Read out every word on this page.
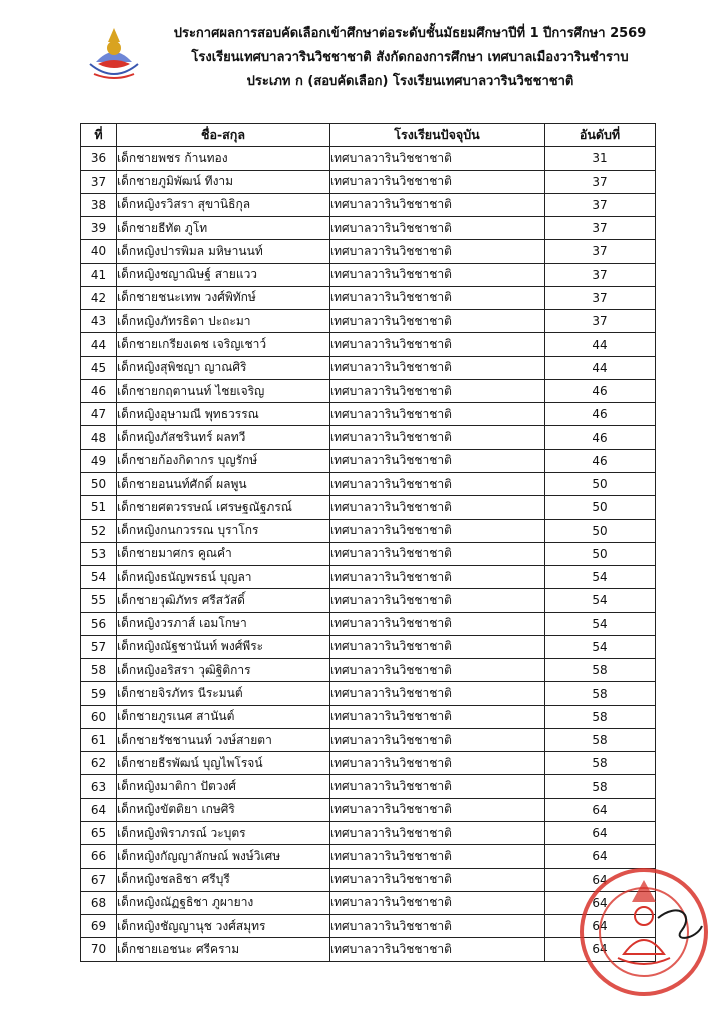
ประกาศผลการสอบคัดเลือกเข้าศึกษาต่อระดับชั้นมัธยมศึกษาปีที่ 1 ปีการศึกษา 2569
โรงเรียนเทศบาลวารินวิชชาชาติ สังกัดกองการศึกษา เทศบาลเมืองวารินชำราบ
ประเภท ก (สอบคัดเลือก) โรงเรียนเทศบาลวารินวิชชาชาติ
ที่	ชื่อ-สกุล	โรงเรียนปัจจุบัน	อันดับที่
36	เด็กชายพชร ก้านทอง	เทศบาลวารินวิชชาชาติ	31
37	เด็กชายภูมิพัฒน์ ทีงาม	เทศบาลวารินวิชชาชาติ	37
38	เด็กหญิงรวิสรา สุขานิธิกุล	เทศบาลวารินวิชชาชาติ	37
39	เด็กชายธีทัต ภูโท	เทศบาลวารินวิชชาชาติ	37
40	เด็กหญิงปารพิมล มหิษานนท์	เทศบาลวารินวิชชาชาติ	37
41	เด็กหญิงชญาณิษฐ์ สายแวว	เทศบาลวารินวิชชาชาติ	37
42	เด็กชายชนะเทพ วงศ์พิทักษ์	เทศบาลวารินวิชชาชาติ	37
43	เด็กหญิงภัทรธิดา ปะถะมา	เทศบาลวารินวิชชาชาติ	37
44	เด็กชายเกรียงเดช เจริญเชาว์	เทศบาลวารินวิชชาชาติ	44
45	เด็กหญิงสุพิชญา ญาณศิริ	เทศบาลวารินวิชชาชาติ	44
46	เด็กชายกฤตานนท์ ไชยเจริญ	เทศบาลวารินวิชชาชาติ	46
47	เด็กหญิงอุษามณี พุทธวรรณ	เทศบาลวารินวิชชาชาติ	46
48	เด็กหญิงภัสชรินทร์ ผลทวี	เทศบาลวารินวิชชาชาติ	46
49	เด็กชายก้องกิดากร บุญรักษ์	เทศบาลวารินวิชชาชาติ	46
50	เด็กชายอนนท์ศักดิ์ ผลพูน	เทศบาลวารินวิชชาชาติ	50
51	เด็กชายศตวรรษณ์ เศรษฐณัฐภรณ์	เทศบาลวารินวิชชาชาติ	50
52	เด็กหญิงกนกวรรณ บุราโกร	เทศบาลวารินวิชชาชาติ	50
53	เด็กชายมาศกร คูณคำ	เทศบาลวารินวิชชาชาติ	50
54	เด็กหญิงธนัญพรธน์ บุญลา	เทศบาลวารินวิชชาชาติ	54
55	เด็กชายวุฒิภัทร ศรีสวัสดิ์	เทศบาลวารินวิชชาชาติ	54
56	เด็กหญิงวรภาส์ เอมโกษา	เทศบาลวารินวิชชาชาติ	54
57	เด็กหญิงณัฐชานันท์ พงศ์พีระ	เทศบาลวารินวิชชาชาติ	54
58	เด็กหญิงอริสรา วุฒิฐิติการ	เทศบาลวารินวิชชาชาติ	58
59	เด็กชายจิรภัทร นีระมนต์	เทศบาลวารินวิชชาชาติ	58
60	เด็กชายภูรเนศ สานันต์	เทศบาลวารินวิชชาชาติ	58
61	เด็กชายรัชชานนท์ วงษ์สายตา	เทศบาลวารินวิชชาชาติ	58
62	เด็กชายธีรพัฒน์ บุญไพโรจน์	เทศบาลวารินวิชชาชาติ	58
63	เด็กหญิงมาติกา ปัตวงศ์	เทศบาลวารินวิชชาชาติ	58
64	เด็กหญิงขัตติยา เกษศิริ	เทศบาลวารินวิชชาชาติ	64
65	เด็กหญิงพิราภรณ์ วะบุตร	เทศบาลวารินวิชชาชาติ	64
66	เด็กหญิงกัญญาลักษณ์ พงษ์วิเศษ	เทศบาลวารินวิชชาชาติ	64
67	เด็กหญิงชลธิชา ศรีบุรี	เทศบาลวารินวิชชาชาติ	64
68	เด็กหญิงณัฏฐธิชา ภูผายาง	เทศบาลวารินวิชชาชาติ	64
69	เด็กหญิงชัญญานุช วงศ์สมุทร	เทศบาลวารินวิชชาชาติ	64
70	เด็กชายเอชนะ ศรีคราม	เทศบาลวารินวิชชาชาติ	64
